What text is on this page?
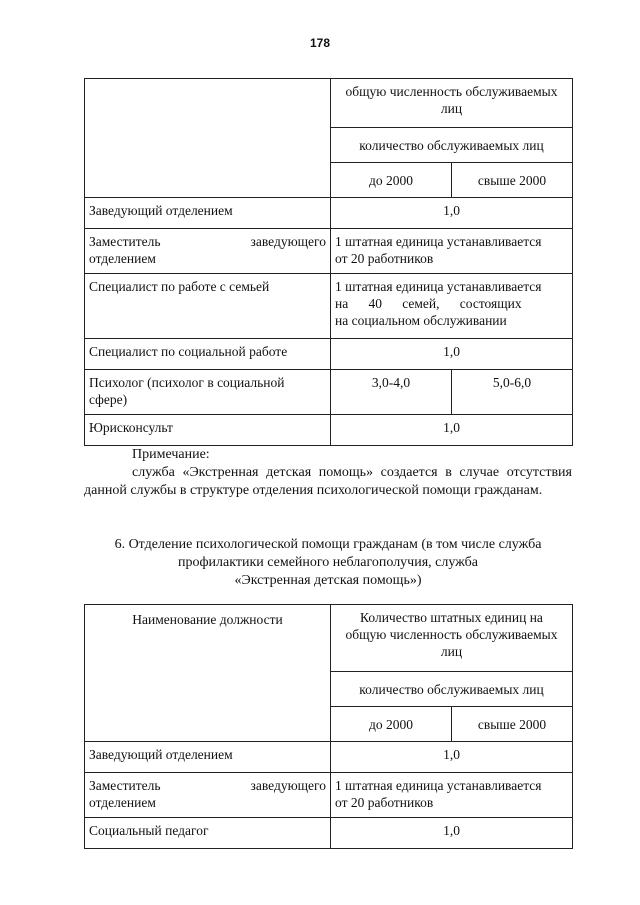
178

	общую численность обслуживаемых
лиц	

	количество обслуживаемых лиц	
	до 2000	свыше 2000
Заведующий отделением	1,0	

Заместитель заведующего
отделением	1 штатная единица устанавливается
от 20 работников	

Специалист по работе с семьей	1 штатная единица устанавливается
на      40      семей,      состоящих
на социальном обслуживании	

Специалист по социальной работе	1,0	

Психолог (психолог в социальной
сфере)	3,0-4,0	5,0-6,0
Юрисконсульт	1,0	

Примечание:

служба «Экстренная детская помощь» создается в случае отсутствия данной службы в структуре отделения психологической помощи гражданам.

6. Отделение психологической помощи гражданам (в том числе служба
профилактики семейного неблагополучия, служба
«Экстренная детская помощь»)
Наименование должности	Количество штатных единиц на
общую численность обслуживаемых
лиц	

	количество обслуживаемых лиц	
	до 2000	свыше 2000
Заведующий отделением	1,0	

Заместитель заведующего
отделением	1 штатная единица устанавливается
от 20 работников	

Социальный педагог	1,0	
